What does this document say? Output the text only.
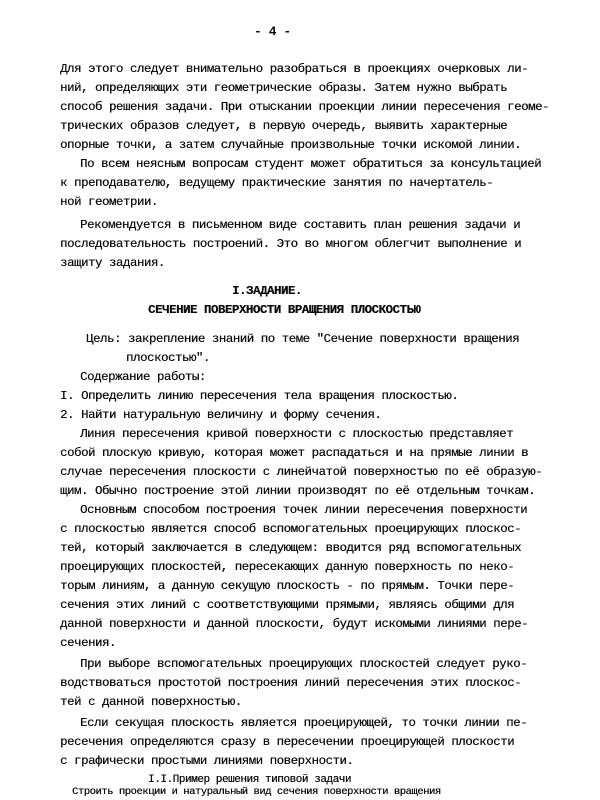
- 4 -
Для этого следует внимательно разобраться в проекциях очерковых ли-
ний, определяющих эти геометрические образы. Затем нужно выбрать
способ решения задачи. При отыскании проекции линии пересечения геоме-
трических образов следует, в первую очередь, выявить характерные
опорные точки, а затем случайные произвольные точки искомой линии.
По всем неясным вопросам студент может обратиться за консультацией
к преподавателю, ведущему практические занятия по начертатель-
ной геометрии.
Рекомендуется в письменном виде составить план решения задачи и
последовательность построений. Это во многом облегчит выполнение и
защиту задания.
I.ЗАДАНИЕ.
СЕЧЕНИЕ ПОВЕРХНОСТИ ВРАЩЕНИЯ ПЛОСКОСТЬЮ
Цель: закрепление знаний по теме "Сечение поверхности вращения
плоскостью".
Содержание работы:
I. Определить линию пересечения тела вращения плоскостью.
2. Найти натуральную величину и форму сечения.
Линия пересечения кривой поверхности с плоскостью представляет
собой плоскую кривую, которая может распадаться и на прямые линии в
случае пересечения плоскости с линейчатой поверхностью по её образую-
щим. Обычно построение этой линии производят по её отдельным точкам.
Основным способом построения точек линии пересечения поверхности
с плоскостью является способ вспомогательных проецирующих плоскос-
тей, который заключается в следующем: вводится ряд вспомогательных
проецирующих плоскостей, пересекающих данную поверхность по неко-
торым линиям, а данную секущую плоскость - по прямым. Точки пере-
сечения этих линий с соответствующими прямыми, являясь общими для
данной поверхности и данной плоскости, будут искомыми линиями пере-
сечения.
При выборе вспомогательных проецирующих плоскостей следует руко-
водствоваться простотой построения линий пересечения этих плоскос-
тей с данной поверхностью.
Если секущая плоскость является проецирующей, то точки линии пе-
ресечения определяются сразу в пересечении проецирующей плоскости
с графически простыми линиями поверхности.
I.I.Пример решения типовой задачи
Строить проекции и натуральный вид сечения поверхности вращения
